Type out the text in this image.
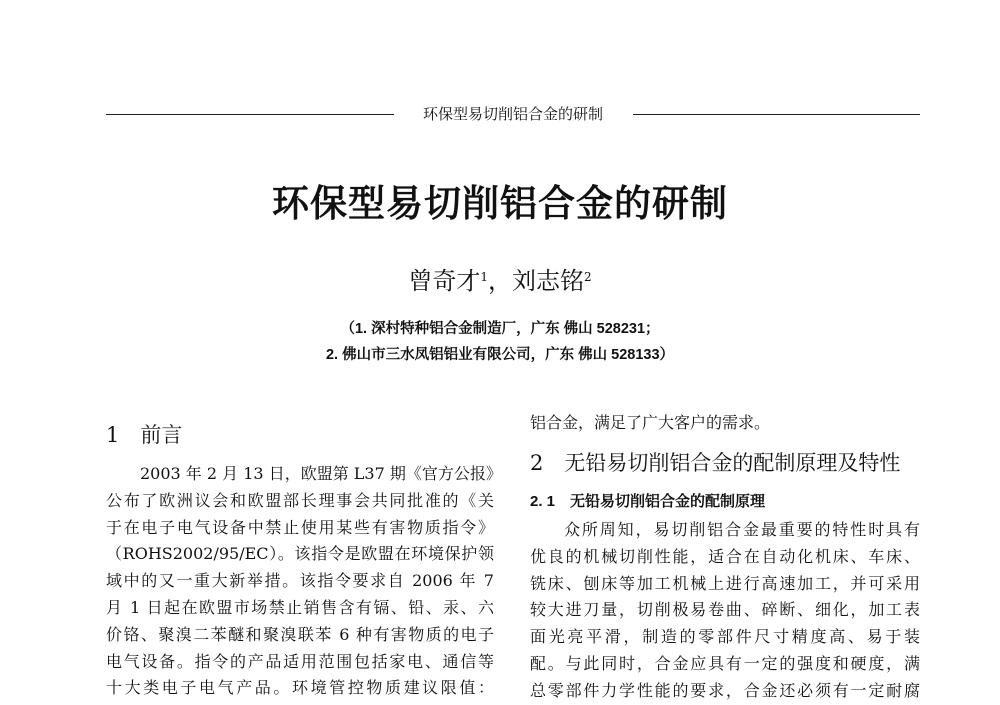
环保型易切削铝合金的研制
环保型易切削铝合金的研制
曾奇才$^1$，刘志铭$^2$
（1. 深村特种铝合金制造厂，广东 佛山 528231；
2. 佛山市三水凤铝铝业有限公司，广东 佛山 528133）
1　前言
2003 年 2 月 13 日，欧盟第 L37 期《官方公报》
公布了欧洲议会和欧盟部长理事会共同批准的《关
于在电子电气设备中禁止使用某些有害物质指令》
（ROHS2002/95/EC）。该指令是欧盟在环境保护领
域中的又一重大新举措。该指令要求自 2006 年 7
月 1 日起在欧盟市场禁止销售含有镉、铅、汞、六
价铬、聚溴二苯醚和聚溴联苯 6 种有害物质的电子
电气设备。指令的产品适用范围包括家电、通信等
十大类电子电气产品。环境管控物质建议限值：
铝合金，满足了广大客户的需求。
2　无铅易切削铝合金的配制原理及特性
2. 1　无铅易切削铝合金的配制原理
众所周知，易切削铝合金最重要的特性时具有
优良的机械切削性能，适合在自动化机床、车床、
铣床、刨床等加工机械上进行高速加工，并可采用
较大进刀量，切削极易卷曲、碎断、细化，加工表
面光亮平滑，制造的零部件尺寸精度高、易于装
配。与此同时，合金应具有一定的强度和硬度，满
总零部件力学性能的要求，合金还必须有一定耐腐
